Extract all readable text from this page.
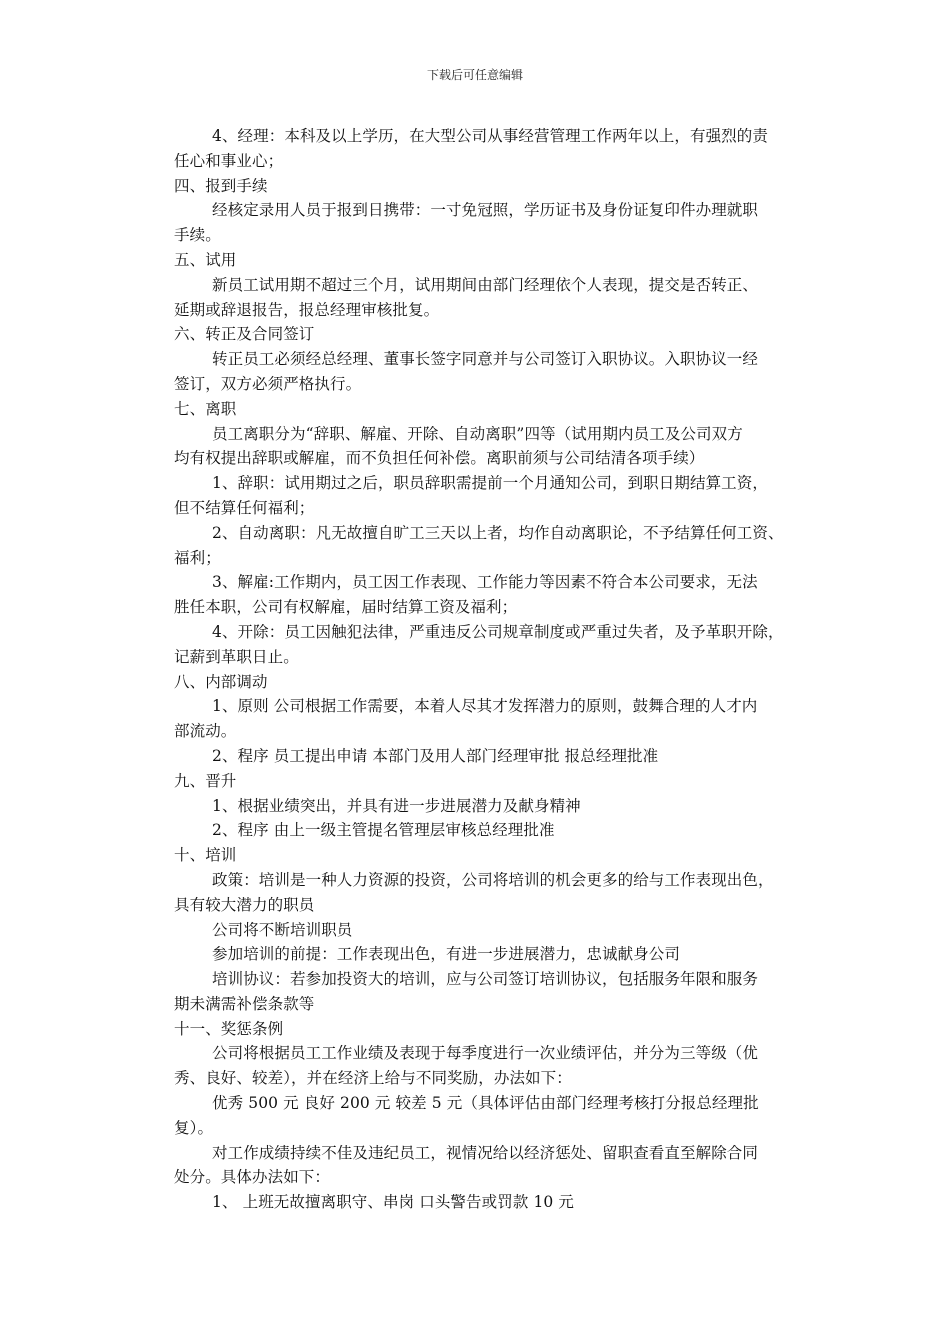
下载后可任意编辑
4、经理：本科及以上学历，在大型公司从事经营管理工作两年以上，有强烈的责
任心和事业心；
四、报到手续
经核定录用人员于报到日携带：一寸免冠照，学历证书及身份证复印件办理就职
手续。
五、试用
新员工试用期不超过三个月，试用期间由部门经理依个人表现，提交是否转正、
延期或辞退报告，报总经理审核批复。
六、转正及合同签订
转正员工必须经总经理、董事长签字同意并与公司签订入职协议。入职协议一经
签订，双方必须严格执行。
七、离职
员工离职分为“辞职、解雇、开除、自动离职”四等（试用期内员工及公司双方
均有权提出辞职或解雇，而不负担任何补偿。离职前须与公司结清各项手续）
1、辞职：试用期过之后，职员辞职需提前一个月通知公司，到职日期结算工资，
但不结算任何福利；
2、自动离职：凡无故擅自旷工三天以上者，均作自动离职论，不予结算任何工资、
福利；
3、解雇:工作期内，员工因工作表现、工作能力等因素不符合本公司要求，无法
胜任本职，公司有权解雇，届时结算工资及福利；
4、开除：员工因触犯法律，严重违反公司规章制度或严重过失者，及予革职开除，
记薪到革职日止。
八、内部调动
1、原则 公司根据工作需要，本着人尽其才发挥潜力的原则，鼓舞合理的人才内
部流动。
2、程序 员工提出申请 本部门及用人部门经理审批 报总经理批准
九、晋升
1、根据业绩突出，并具有进一步进展潜力及献身精神
2、程序 由上一级主管提名管理层审核总经理批准
十、培训
政策：培训是一种人力资源的投资，公司将培训的机会更多的给与工作表现出色，
具有较大潜力的职员
公司将不断培训职员
参加培训的前提：工作表现出色，有进一步进展潜力，忠诚献身公司
培训协议：若参加投资大的培训，应与公司签订培训协议，包括服务年限和服务
期未满需补偿条款等
十一、奖惩条例
公司将根据员工工作业绩及表现于每季度进行一次业绩评估，并分为三等级（优
秀、良好、较差），并在经济上给与不同奖励，办法如下：
优秀 500 元 良好 200 元 较差 5 元（具体评估由部门经理考核打分报总经理批
复）。
对工作成绩持续不佳及违纪员工，视情况给以经济惩处、留职查看直至解除合同
处分。具体办法如下：
1、 上班无故擅离职守、串岗 口头警告或罚款 10 元
